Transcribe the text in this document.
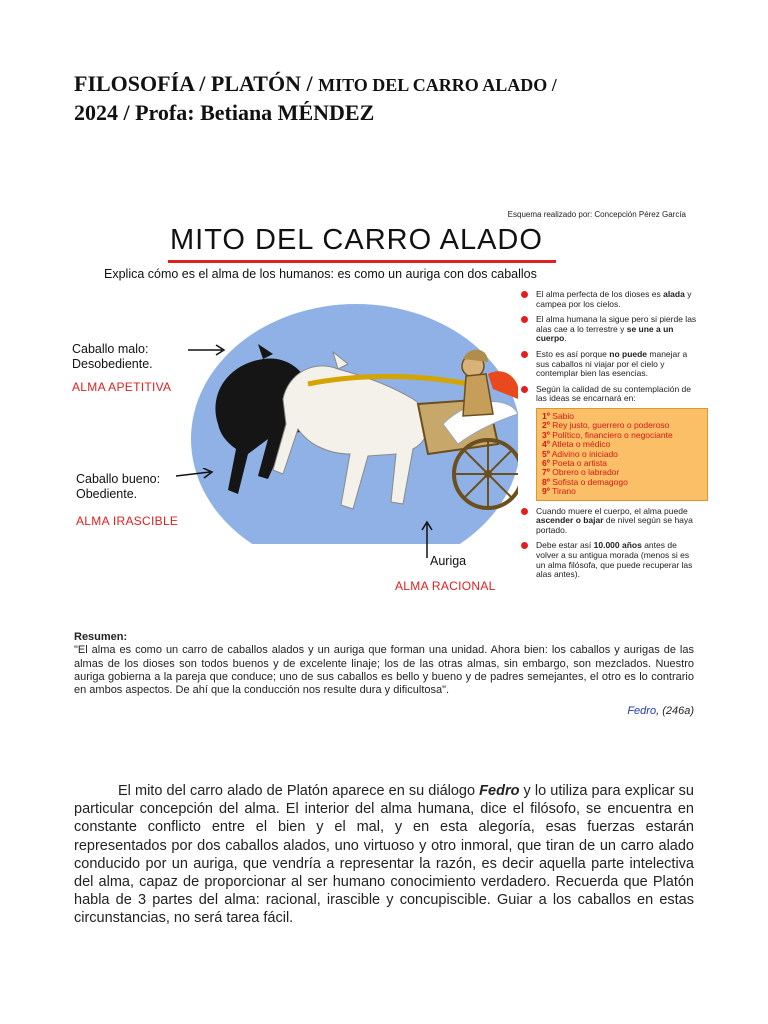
FILOSOFÍA / PLATÓN / MITO DEL CARRO ALADO /
2024 / Profa: Betiana MÉNDEZ
Esquema realizado por: Concepción Pérez García
MITO DEL CARRO ALADO
Explica cómo es el alma de los humanos: es como un auriga con dos caballos
Caballo malo:
Desobediente.
ALMA APETITIVA
Caballo bueno:
Obediente.
ALMA IRASCIBLE
Auriga
ALMA RACIONAL
El alma perfecta de los dioses es alada y campea por los cielos.
El alma humana la sigue pero si pierde las alas cae a lo terrestre y se une a un cuerpo.
Esto es así porque no puede manejar a sus caballos ni viajar por el cielo y contemplar bien las esencias.
Según la calidad de su contemplación de las ideas se encarnará en:
1º Sabio
2º Rey justo, guerrero o poderoso
3º Político, financiero o negociante
4º Atleta o médico
5º Adivino o iniciado
6º Poeta o artista
7º Obrero o labrador
8º Sofista o demagogo
9º Tirano
Cuando muere el cuerpo, el alma puede ascender o bajar de nivel según se haya portado.
Debe estar así 10.000 años antes de volver a su antigua morada (menos si es un alma filósofa, que puede recuperar las alas antes).

Resumen:

"El alma es como un carro de caballos alados y un auriga que forman una unidad. Ahora bien: los caballos y aurigas de las almas de los dioses son todos buenos y de excelente linaje; los de las otras almas, sin embargo, son mezclados. Nuestro auriga gobierna a la pareja que conduce; uno de sus caballos es bello y bueno y de padres semejantes, el otro es lo contrario en ambos aspectos. De ahí que la conducción nos resulte dura y dificultosa".

Fedro, (246a)

El mito del carro alado de Platón aparece en su diálogo Fedro y lo utiliza para explicar su particular concepción del alma. El interior del alma humana, dice el filósofo, se encuentra en constante conflicto entre el bien y el mal, y en esta alegoría, esas fuerzas estarán representados por dos caballos alados, uno virtuoso y otro inmoral, que tiran de un carro alado conducido por un auriga, que vendría a representar la razón, es decir aquella parte intelectiva del alma, capaz de proporcionar al ser humano conocimiento verdadero. Recuerda que Platón habla de 3 partes del alma: racional, irascible y concupiscible. Guiar a los caballos en estas circunstancias, no será tarea fácil.
